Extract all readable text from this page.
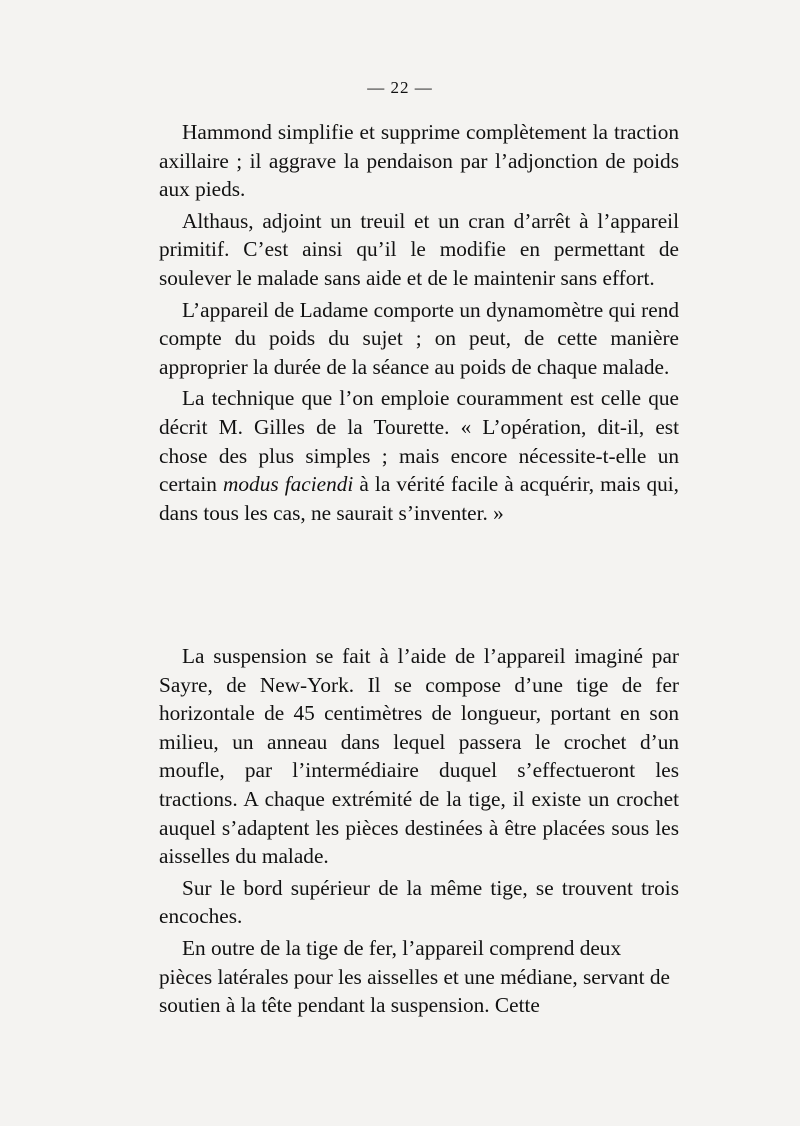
— 22 —

Hammond simplifie et supprime complètement la traction axillaire ; il aggrave la pendaison par l’adjonction de poids aux pieds.

Althaus, adjoint un treuil et un cran d’arrêt à l’appareil primitif. C’est ainsi qu’il le modifie en permettant de soulever le malade sans aide et de le maintenir sans effort.

L’appareil de Ladame comporte un dynamomètre qui rend compte du poids du sujet ; on peut, de cette manière approprier la durée de la séance au poids de chaque malade.

La technique que l’on emploie couramment est celle que décrit M. Gilles de la Tourette. « L’opération, dit-il, est chose des plus simples ; mais encore nécessite-t-elle un certain modus faciendi à la vérité facile à acquérir, mais qui, dans tous les cas, ne saurait s’inventer. »

La suspension se fait à l’aide de l’appareil imaginé par Sayre, de New-York. Il se compose d’une tige de fer horizontale de 45 centimètres de longueur, portant en son milieu, un anneau dans lequel passera le crochet d’un moufle, par l’intermédiaire duquel s’effectueront les tractions. A chaque extrémité de la tige, il existe un crochet auquel s’adaptent les pièces destinées à être placées sous les aisselles du malade.

Sur le bord supérieur de la même tige, se trouvent trois encoches.

En outre de la tige de fer, l’appareil comprend deux pièces latérales pour les aisselles et une médiane, servant de soutien à la tête pendant la suspension. Cette
